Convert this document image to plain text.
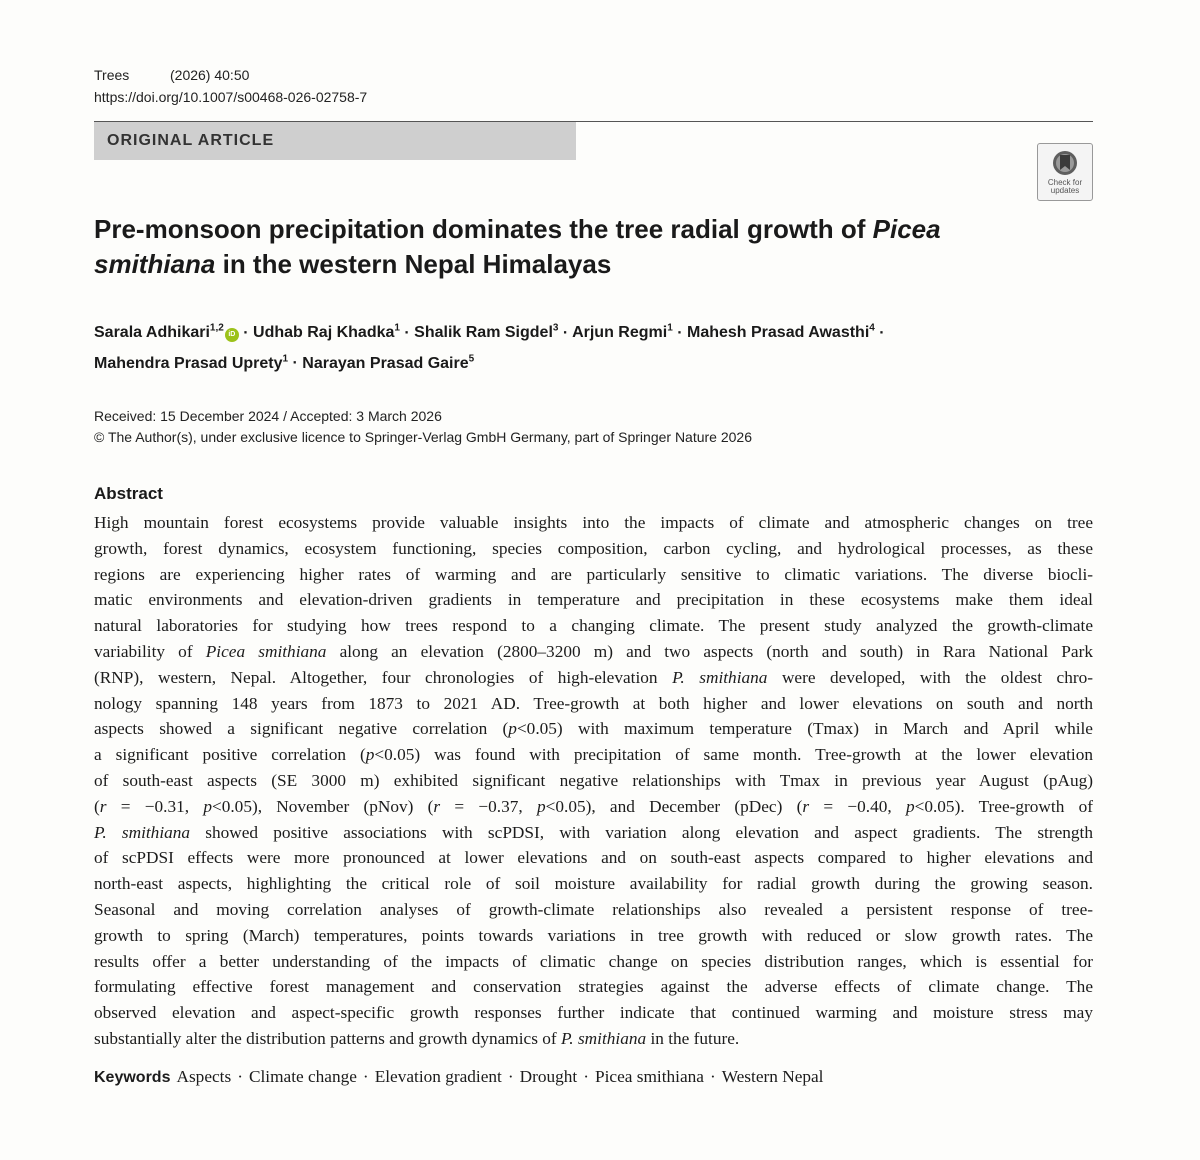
Trees	(2026) 40:50
https://doi.org/10.1007/s00468-026-02758-7
ORIGINAL ARTICLE
Check for
updates
Pre-monsoon precipitation dominates the tree radial growth of Picea
smithiana in the western Nepal Himalayas
Sarala Adhikari$^{1,2}$iD · Udhab Raj Khadka$^1$ · Shalik Ram Sigdel$^3$ · Arjun Regmi$^1$ · Mahesh Prasad Awasthi$^4$ ·
Mahendra Prasad Uprety$^1$ · Narayan Prasad Gaire$^5$
Received: 15 December 2024 / Accepted: 3 March 2026
© The Author(s), under exclusive licence to Springer-Verlag GmbH Germany, part of Springer Nature 2026
Abstract
High mountain forest ecosystems provide valuable insights into the impacts of climate and atmospheric changes on tree
growth, forest dynamics, ecosystem functioning, species composition, carbon cycling, and hydrological processes, as these
regions are experiencing higher rates of warming and are particularly sensitive to climatic variations. The diverse biocli-
matic environments and elevation-driven gradients in temperature and precipitation in these ecosystems make them ideal
natural laboratories for studying how trees respond to a changing climate. The present study analyzed the growth-climate
variability of Picea smithiana along an elevation (2800–3200 m) and two aspects (north and south) in Rara National Park
(RNP), western, Nepal. Altogether, four chronologies of high-elevation P. smithiana were developed, with the oldest chro-
nology spanning 148 years from 1873 to 2021 AD. Tree-growth at both higher and lower elevations on south and north
aspects showed a significant negative correlation (p<0.05) with maximum temperature (Tmax) in March and April while
a significant positive correlation (p<0.05) was found with precipitation of same month. Tree-growth at the lower elevation
of south-east aspects (SE 3000 m) exhibited significant negative relationships with Tmax in previous year August (pAug)
(r = −0.31, p<0.05), November (pNov) (r = −0.37, p<0.05), and December (pDec) (r = −0.40, p<0.05). Tree-growth of
P. smithiana showed positive associations with scPDSI, with variation along elevation and aspect gradients. The strength
of scPDSI effects were more pronounced at lower elevations and on south-east aspects compared to higher elevations and
north-east aspects, highlighting the critical role of soil moisture availability for radial growth during the growing season.
Seasonal and moving correlation analyses of growth-climate relationships also revealed a persistent response of tree-
growth to spring (March) temperatures, points towards variations in tree growth with reduced or slow growth rates. The
results offer a better understanding of the impacts of climatic change on species distribution ranges, which is essential for
formulating effective forest management and conservation strategies against the adverse effects of climate change. The
observed elevation and aspect-specific growth responses further indicate that continued warming and moisture stress may
substantially alter the distribution patterns and growth dynamics of P. smithiana in the future.
Keywords Aspects · Climate change · Elevation gradient · Drought · Picea smithiana · Western Nepal
